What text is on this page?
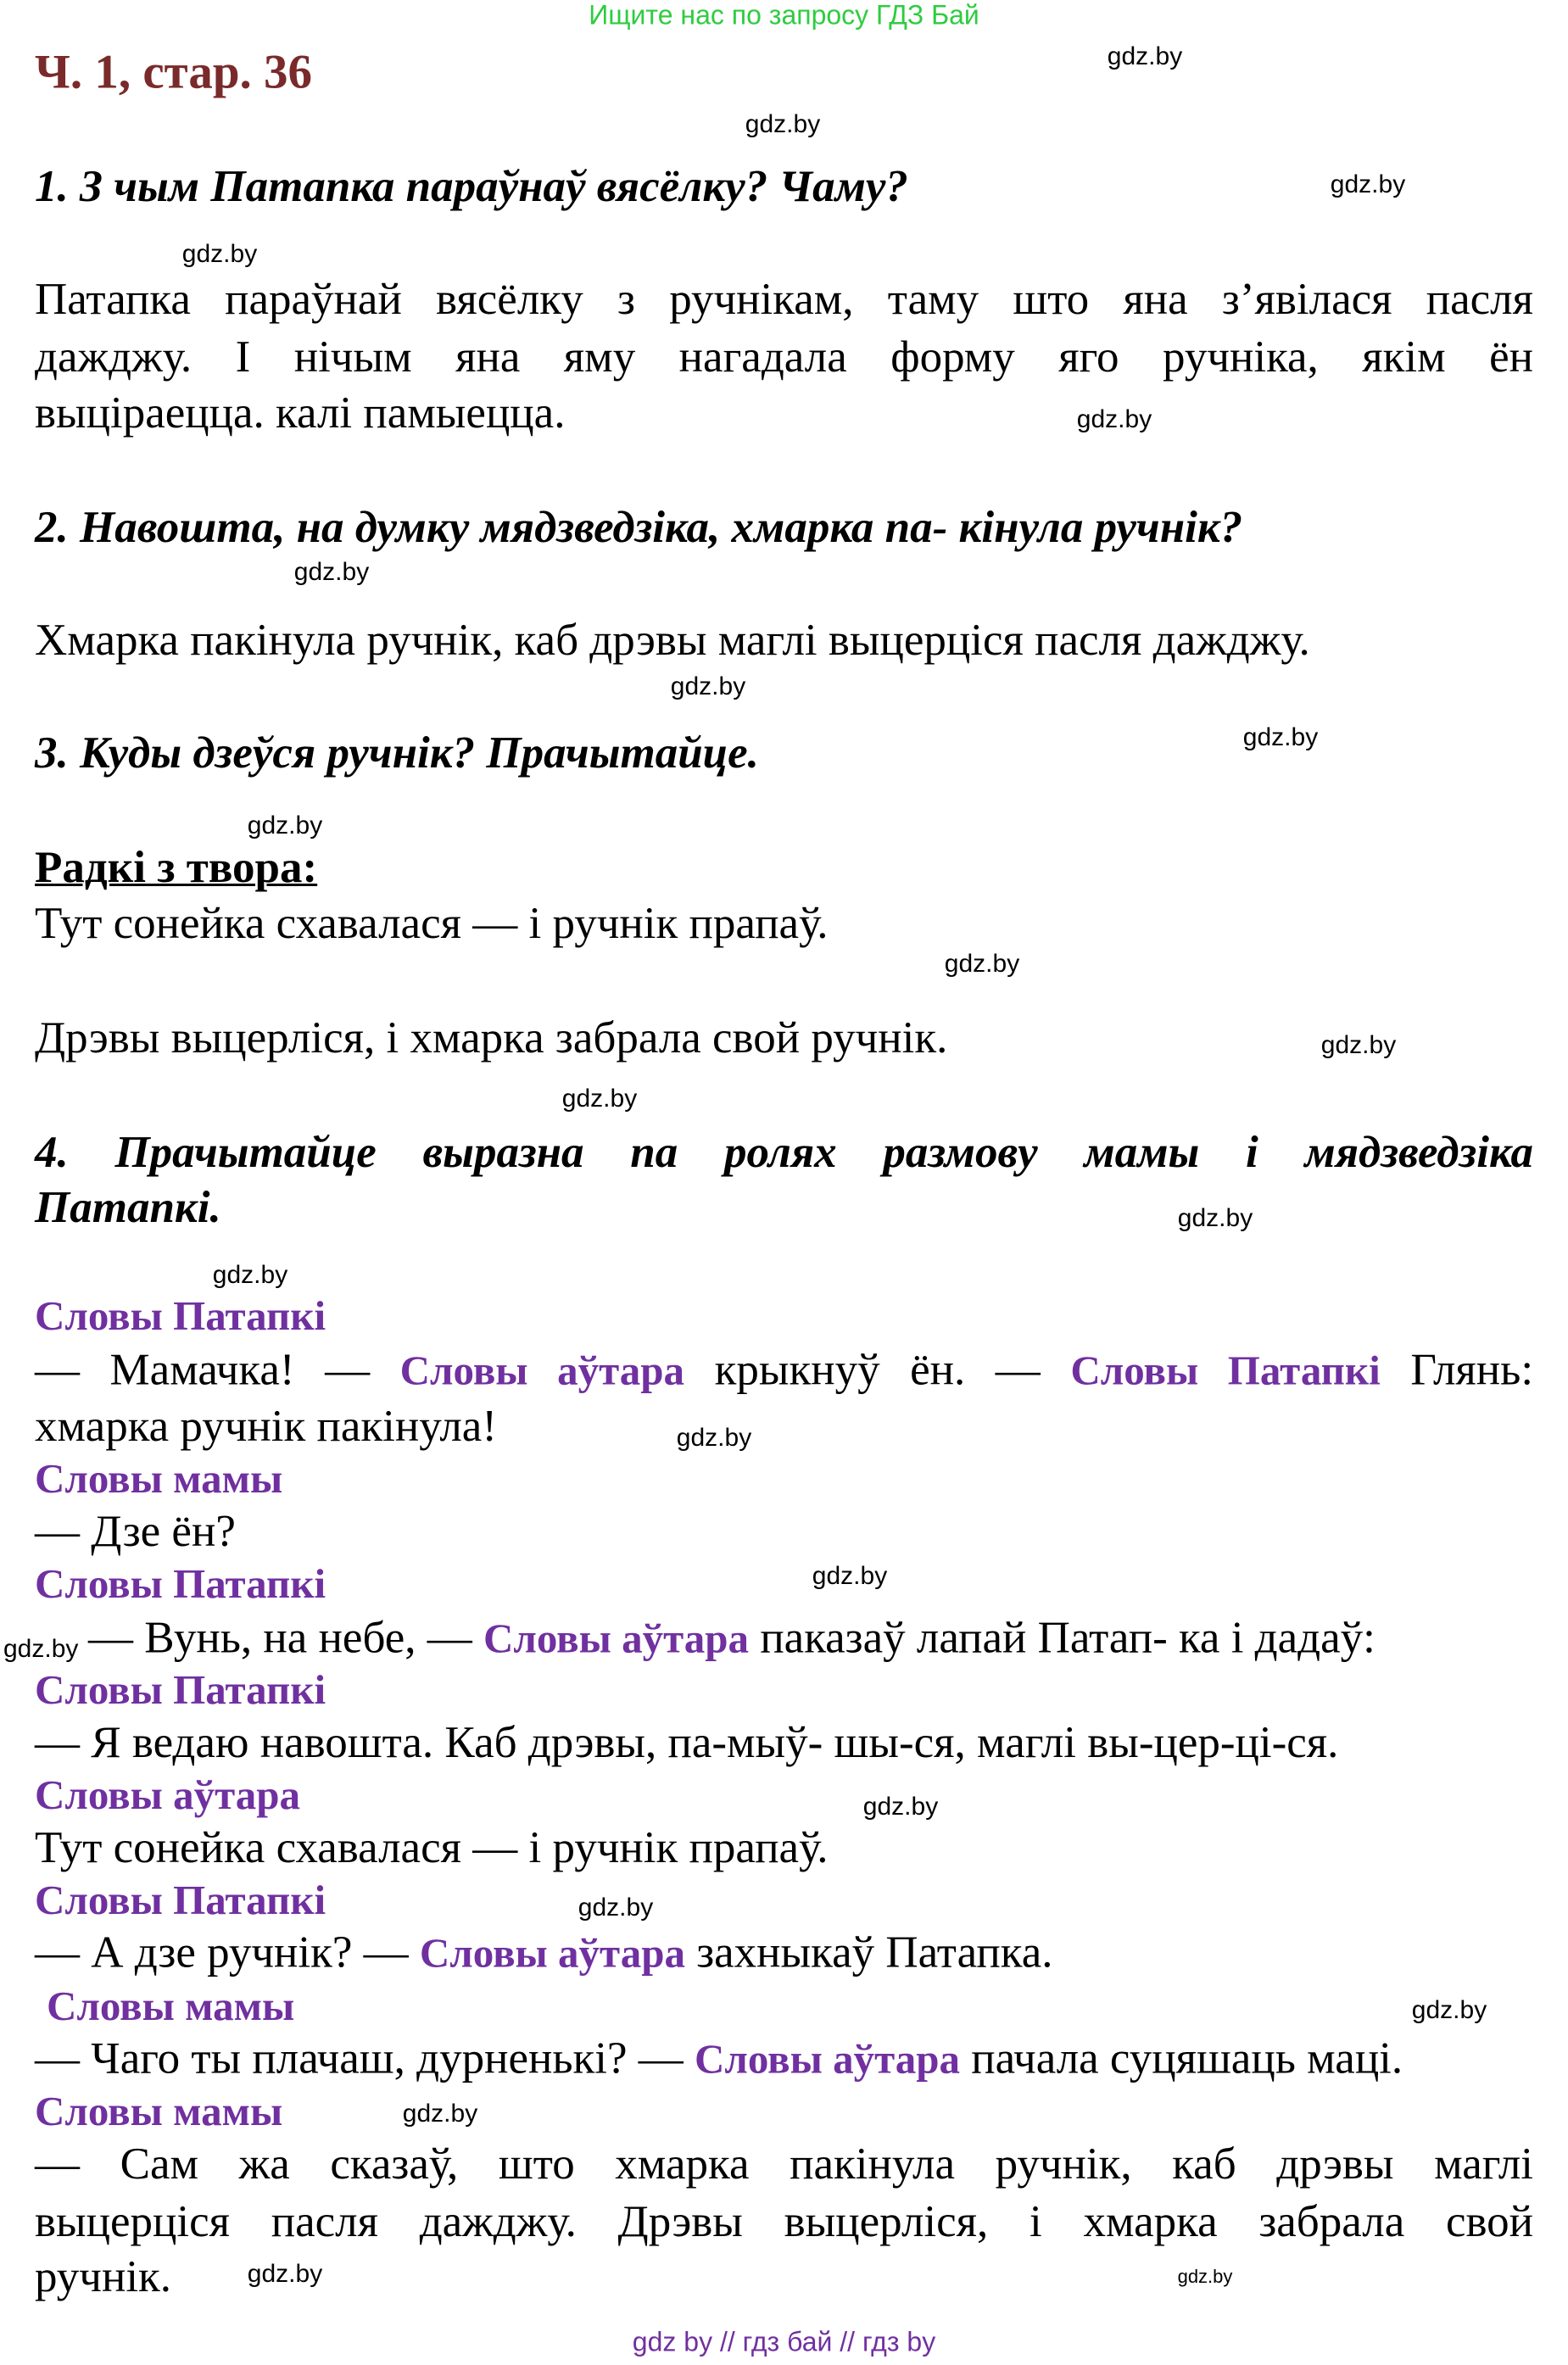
Ищите нас по запросу ГДЗ Бай
Ч. 1, стар. 36
1. З чым Патапка параўнаў вясёлку? Чаму?
Патапка параўнай вясёлку з ручнікам, таму што яна з’явілася пасля
дажджу. І нічым яна яму нагадала форму яго ручніка, якім ён
выціраецца. калі памыецца.
2. Навошта, на думку мядзведзіка, хмарка па- кінула ручнік?
Хмарка пакінула ручнік, каб дрэвы маглі выцерціся пасля дажджу.
3. Куды дзеўся ручнік? Прачытайце.
Радкі з твора:
Тут сонейка схавалася — і ручнік прапаў.
Дрэвы выцерліся, і хмарка забрала свой ручнік.
4. Прачытайце выразна па ролях размову мамы і мядзведзіка
Патапкі.
Словы Патапкі
— Мамачка! — Словы аўтара крыкнуў ён. — Словы Патапкі Глянь:
хмарка ручнік пакінула!
Словы мамы
— Дзе ён?
Словы Патапкі
— Вунь, на небе, — Словы аўтара паказаў лапай Патап- ка і дадаў:
Словы Патапкі
— Я ведаю навошта. Каб дрэвы, па-мыў- шы-ся, маглі вы-цер-ці-ся.
Словы аўтара
Тут сонейка схавалася — і ручнік прапаў.
Словы Патапкі
— А дзе ручнік? — Словы аўтара захныкаў Патапка.
Словы мамы
— Чаго ты плачаш, дурненькі? — Словы аўтара пачала суцяшаць маці.
Словы мамы
— Сам жа сказаў, што хмарка пакінула ручнік, каб дрэвы маглі
выцерціся пасля дажджу. Дрэвы выцерліся, і хмарка забрала свой
ручнік.
gdz.by
gdz.by
gdz.by
gdz.by
gdz.by
gdz.by
gdz.by
gdz.by
gdz.by
gdz.by
gdz.by
gdz.by
gdz.by
gdz.by
gdz.by
gdz.by
gdz.by
gdz.by
gdz.by
gdz.by
gdz.by
gdz.by
gdz.by
gdz by // гдз бай // гдз by
